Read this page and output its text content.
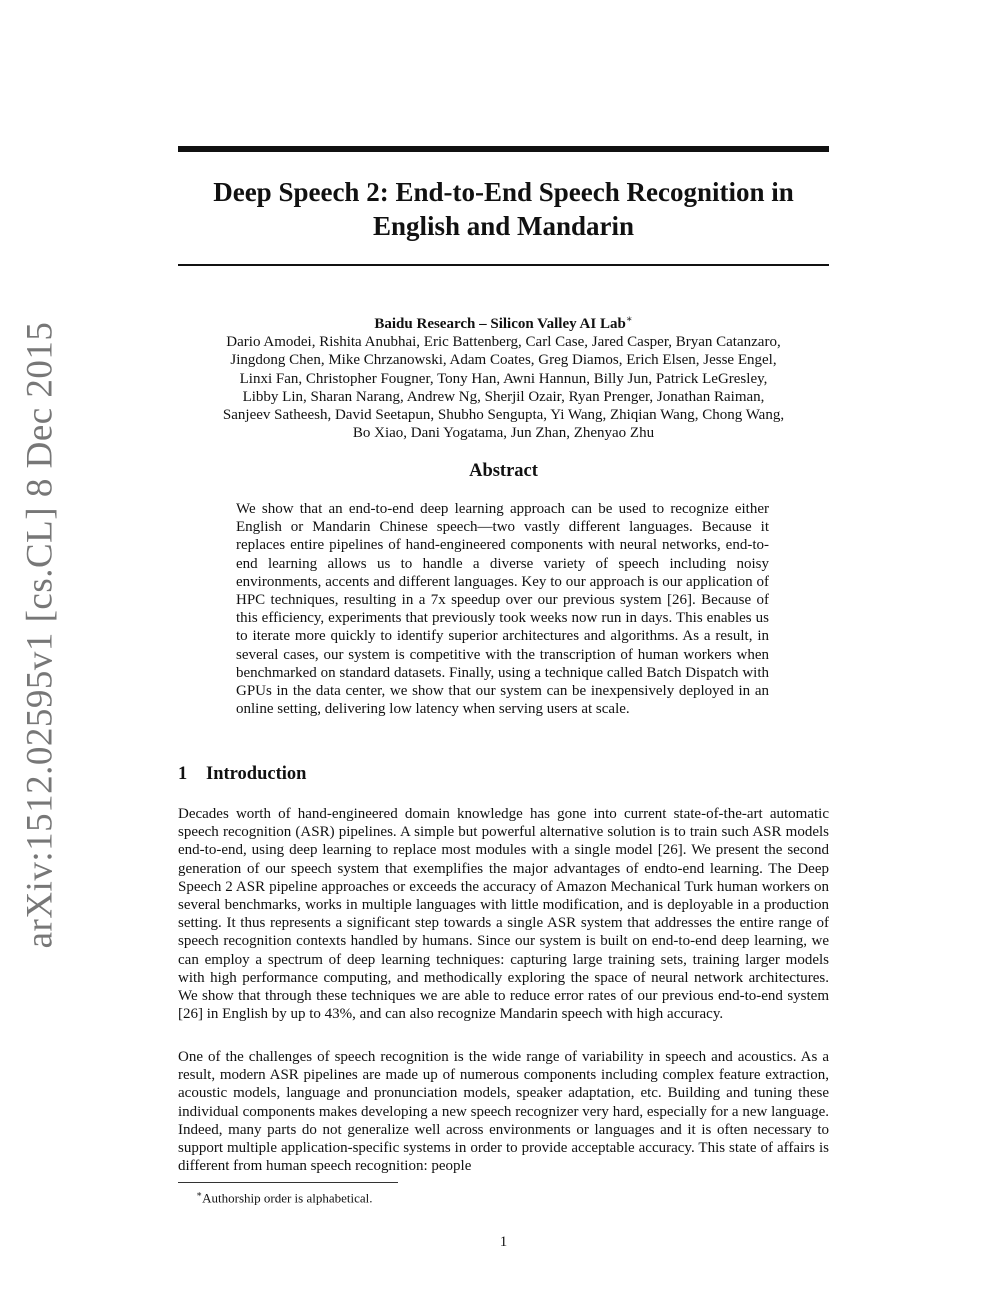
arXiv:1512.02595v1 [cs.CL] 8 Dec 2015
Deep Speech 2: End-to-End Speech Recognition in English and Mandarin
Baidu Research – Silicon Valley AI Lab∗
Dario Amodei, Rishita Anubhai, Eric Battenberg, Carl Case, Jared Casper, Bryan Catanzaro,
Jingdong Chen, Mike Chrzanowski, Adam Coates, Greg Diamos, Erich Elsen, Jesse Engel,
Linxi Fan, Christopher Fougner, Tony Han, Awni Hannun, Billy Jun, Patrick LeGresley,
Libby Lin, Sharan Narang, Andrew Ng, Sherjil Ozair, Ryan Prenger, Jonathan Raiman,
Sanjeev Satheesh, David Seetapun, Shubho Sengupta, Yi Wang, Zhiqian Wang, Chong Wang,
Bo Xiao, Dani Yogatama, Jun Zhan, Zhenyao Zhu
Abstract
We show that an end-to-end deep learning approach can be used to recognize either English or Mandarin Chinese speech—two vastly different languages. Because it replaces entire pipelines of hand-engineered components with neural networks, end-to-end learning allows us to handle a diverse variety of speech including noisy environments, accents and different languages. Key to our approach is our application of HPC techniques, resulting in a 7x speedup over our previous system [26]. Because of this efficiency, experiments that previously took weeks now run in days. This enables us to iterate more quickly to identify superior architectures and algorithms. As a result, in several cases, our system is competitive with the transcription of human workers when benchmarked on standard datasets. Finally, using a technique called Batch Dispatch with GPUs in the data center, we show that our system can be inexpensively deployed in an online setting, delivering low latency when serving users at scale.
1 Introduction

Decades worth of hand-engineered domain knowledge has gone into current state-of-the-art automatic speech recognition (ASR) pipelines. A simple but powerful alternative solution is to train such ASR models end-to-end, using deep learning to replace most modules with a single model [26]. We present the second generation of our speech system that exemplifies the major advantages of endto-end learning. The Deep Speech 2 ASR pipeline approaches or exceeds the accuracy of Amazon Mechanical Turk human workers on several benchmarks, works in multiple languages with little modification, and is deployable in a production setting. It thus represents a significant step towards a single ASR system that addresses the entire range of speech recognition contexts handled by humans. Since our system is built on end-to-end deep learning, we can employ a spectrum of deep learning techniques: capturing large training sets, training larger models with high performance computing, and methodically exploring the space of neural network architectures. We show that through these techniques we are able to reduce error rates of our previous end-to-end system [26] in English by up to 43%, and can also recognize Mandarin speech with high accuracy.

One of the challenges of speech recognition is the wide range of variability in speech and acoustics. As a result, modern ASR pipelines are made up of numerous components including complex feature extraction, acoustic models, language and pronunciation models, speaker adaptation, etc. Building and tuning these individual components makes developing a new speech recognizer very hard, especially for a new language. Indeed, many parts do not generalize well across environments or languages and it is often necessary to support multiple application-specific systems in order to provide acceptable accuracy. This state of affairs is different from human speech recognition: people

∗Authorship order is alphabetical.
1
